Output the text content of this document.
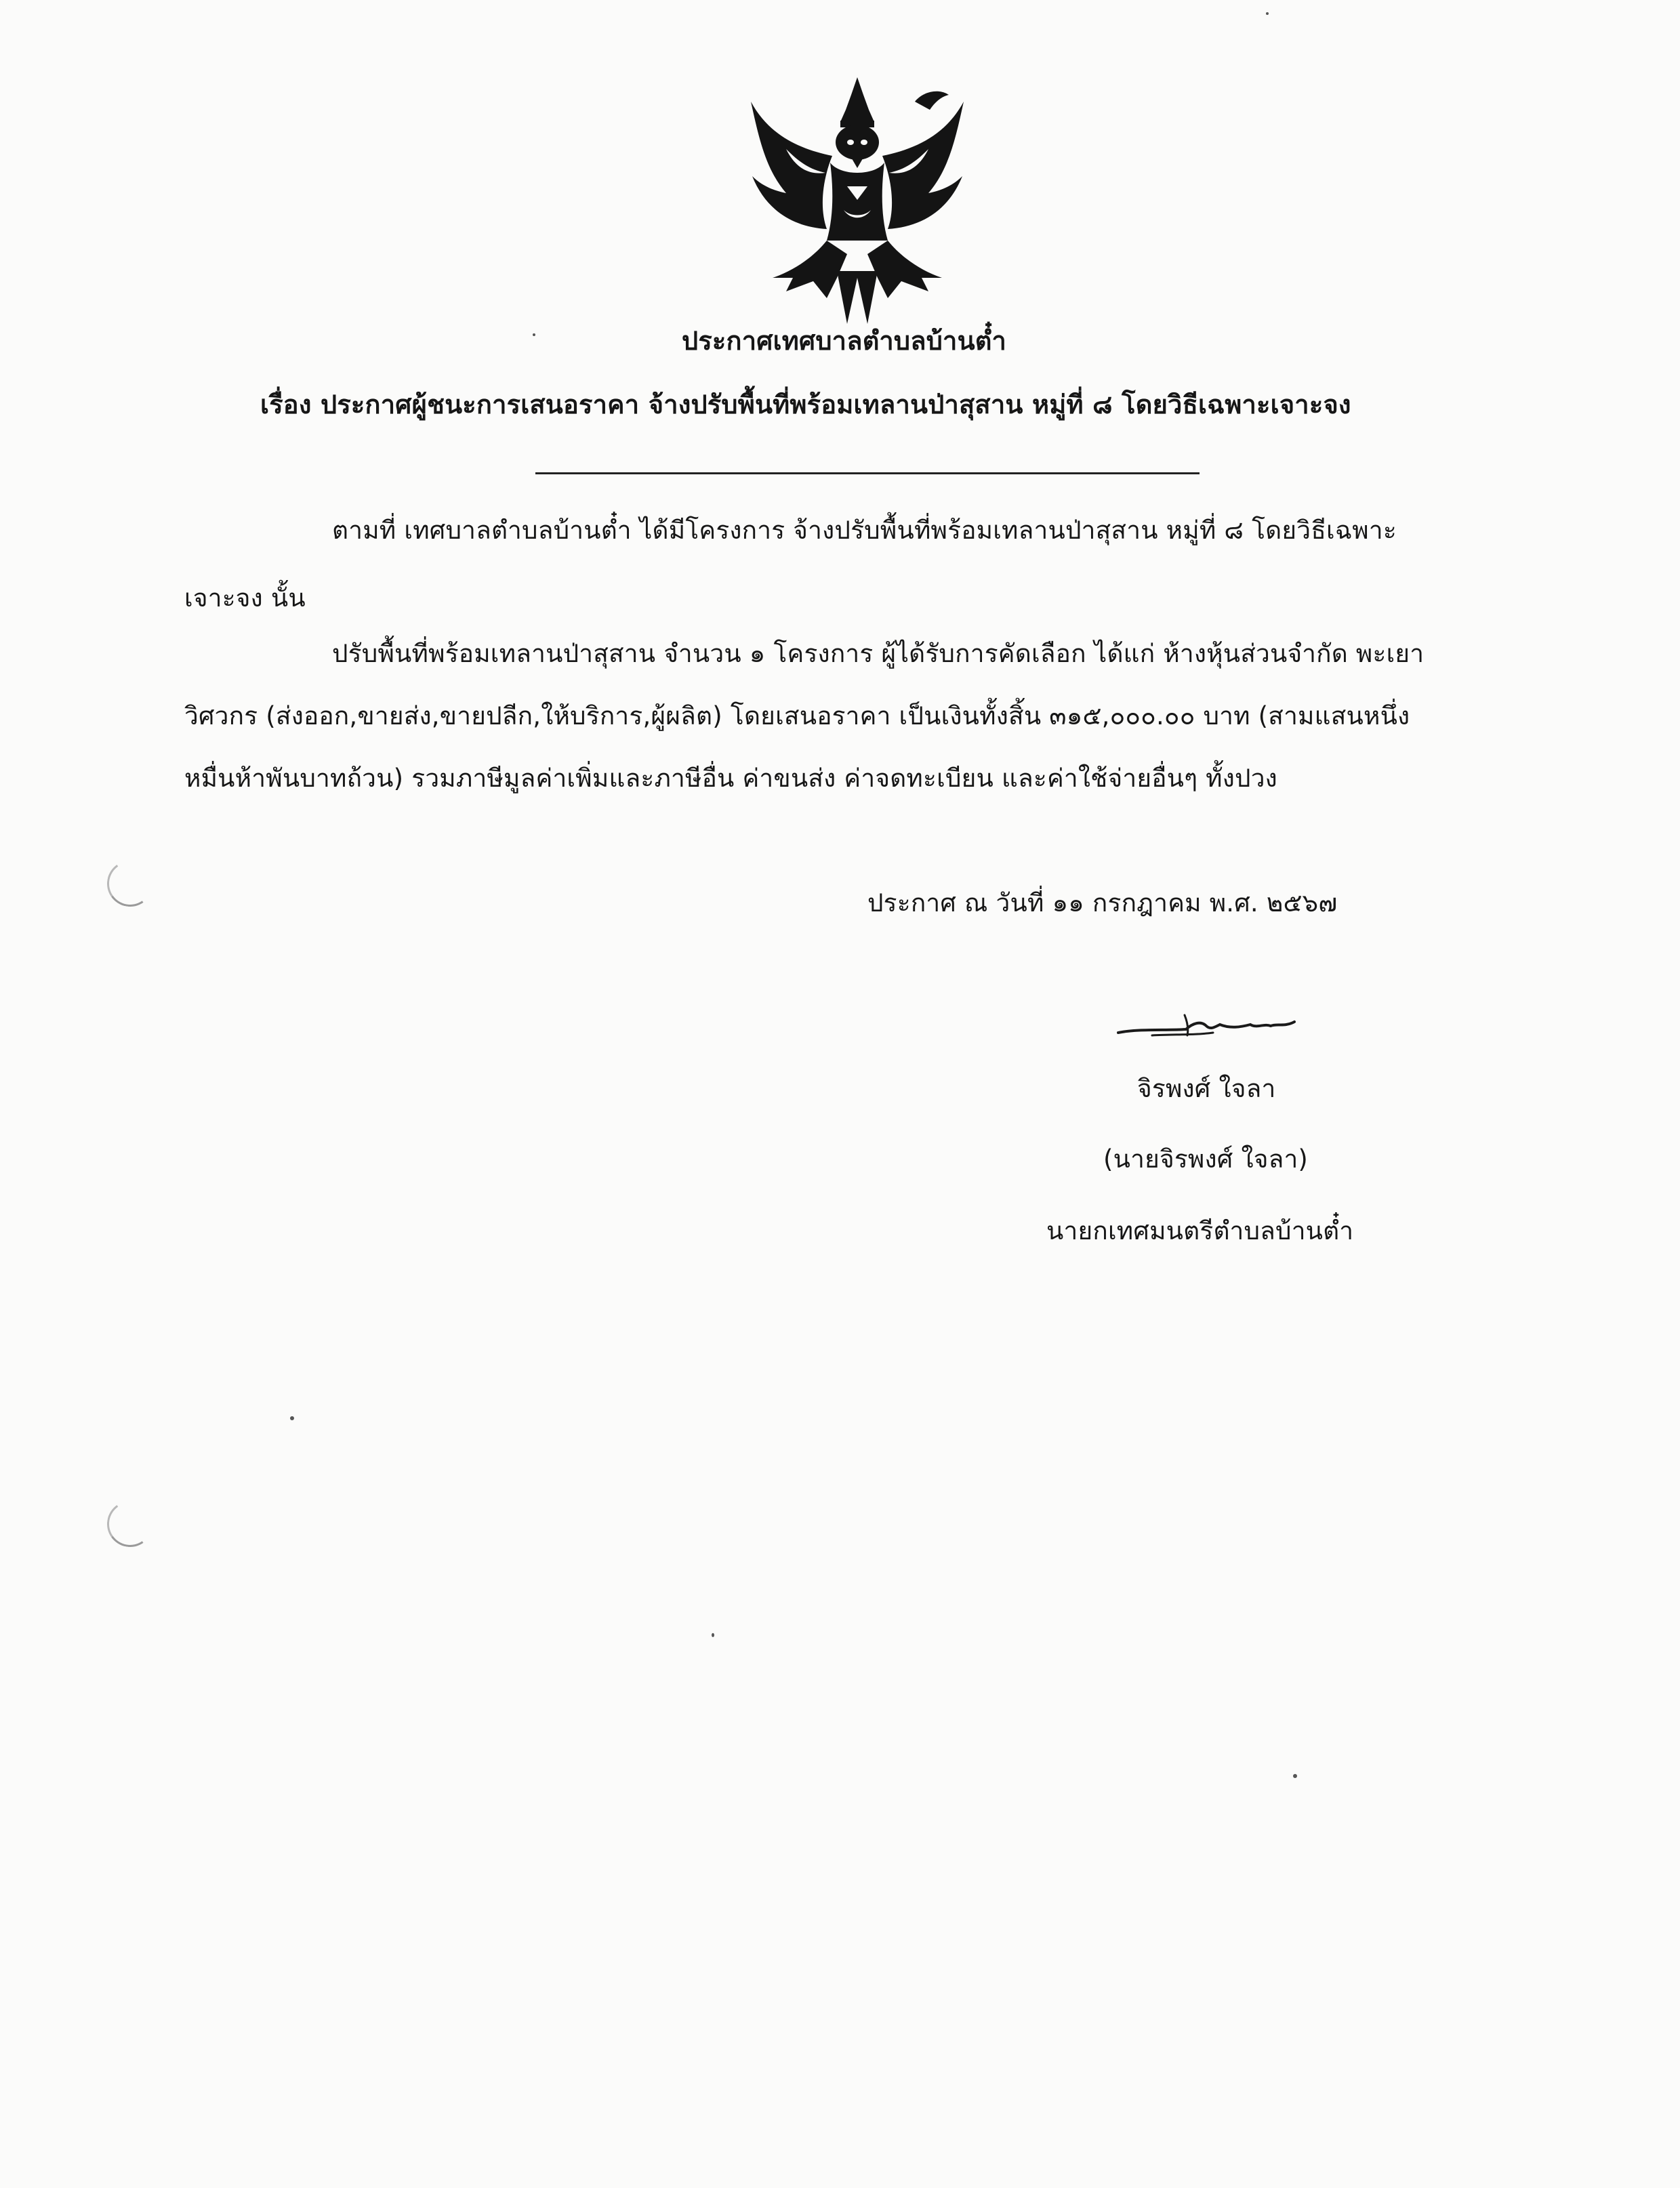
ประกาศเทศบาลตำบลบ้านต๋ำ
เรื่อง ประกาศผู้ชนะการเสนอราคา จ้างปรับพื้นที่พร้อมเทลานป่าสุสาน หมู่ที่ ๘ โดยวิธีเฉพาะเจาะจง
ตามที่ เทศบาลตำบลบ้านต๋ำ ได้มีโครงการ จ้างปรับพื้นที่พร้อมเทลานป่าสุสาน หมู่ที่ ๘ โดยวิธีเฉพาะ
เจาะจง นั้น
ปรับพื้นที่พร้อมเทลานป่าสุสาน จำนวน ๑ โครงการ ผู้ได้รับการคัดเลือก ได้แก่ ห้างหุ้นส่วนจำกัด พะเยา
วิศวกร (ส่งออก,ขายส่ง,ขายปลีก,ให้บริการ,ผู้ผลิต) โดยเสนอราคา เป็นเงินทั้งสิ้น ๓๑๕,๐๐๐.๐๐ บาท (สามแสนหนึ่ง
หมื่นห้าพันบาทถ้วน) รวมภาษีมูลค่าเพิ่มและภาษีอื่น ค่าขนส่ง ค่าจดทะเบียน และค่าใช้จ่ายอื่นๆ ทั้งปวง
ประกาศ ณ วันที่ ๑๑ กรกฎาคม พ.ศ. ๒๕๖๗
จิรพงศ์ ใจลา
(นายจิรพงศ์ ใจลา)
นายกเทศมนตรีตำบลบ้านต๋ำ
